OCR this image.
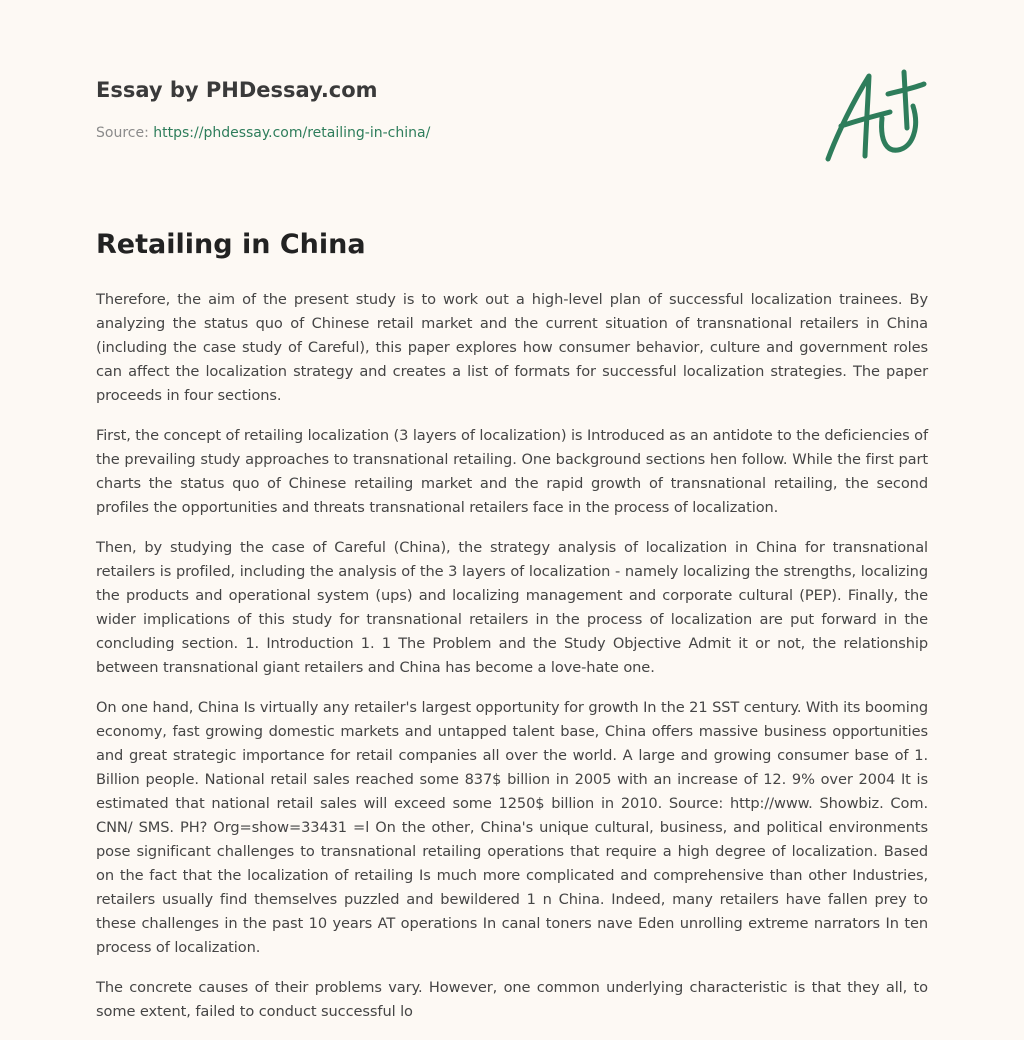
Essay by PHDessay.com
Source: https://phdessay.com/retailing-in-china/
Retailing in China

Therefore, the aim of the present study is to work out a high-level plan of successful localization trainees. By analyzing the status quo of Chinese retail market and the current situation of transnational retailers in China (including the case study of Careful), this paper explores how consumer behavior, culture and government roles can affect the localization strategy and creates a list of formats for successful localization strategies. The paper proceeds in four sections.

First, the concept of retailing localization (3 layers of localization) is Introduced as an antidote to the deficiencies of the prevailing study approaches to transnational retailing. One background sections hen follow. While the first part charts the status quo of Chinese retailing market and the rapid growth of transnational retailing, the second profiles the opportunities and threats transnational retailers face in the process of localization.

Then, by studying the case of Careful (China), the strategy analysis of localization in China for transnational retailers is profiled, including the analysis of the 3 layers of localization - namely localizing the strengths, localizing the products and operational system (ups) and localizing management and corporate cultural (PEP). Finally, the wider implications of this study for transnational retailers in the process of localization are put forward in the concluding section. 1. Introduction 1. 1 The Problem and the Study Objective Admit it or not, the relationship between transnational giant retailers and China has become a love-hate one.

On one hand, China Is virtually any retailer's largest opportunity for growth In the 21 SST century. With its booming economy, fast growing domestic markets and untapped talent base, China offers massive business opportunities and great strategic importance for retail companies all over the world. A large and growing consumer base of 1. Billion people. National retail sales reached some 837$ billion in 2005 with an increase of 12. 9% over 2004 It is estimated that national retail sales will exceed some 1250$ billion in 2010. Source: http://www. Showbiz. Com. CNN/ SMS. PH? Org=show=33431 =l On the other, China's unique cultural, business, and political environments pose significant challenges to transnational retailing operations that require a high degree of localization. Based on the fact that the localization of retailing Is much more complicated and comprehensive than other Industries, retailers usually find themselves puzzled and bewildered 1 n China. Indeed, many retailers have fallen prey to these challenges in the past 10 years AT operations In canal toners nave Eden unrolling extreme narrators In ten process of localization.

The concrete causes of their problems vary. However, one common underlying characteristic is that they all, to some extent, failed to conduct successful lo
